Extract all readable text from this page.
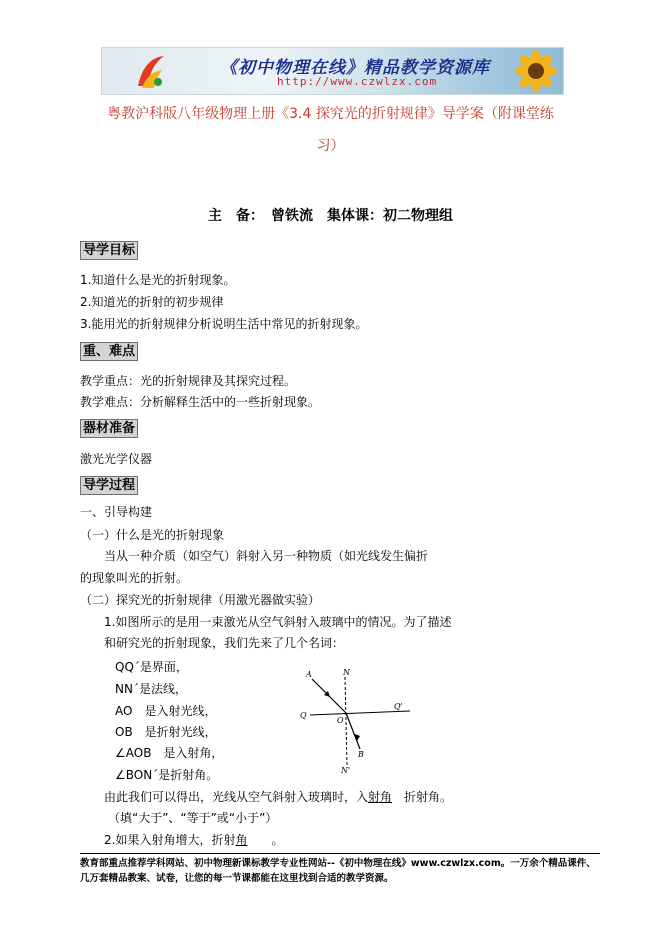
《初中物理在线》精品教学资源库
http://www.czwlzx.com
粤教沪科版八年级物理上册《3.4 探究光的折射规律》导学案（附课堂练
习）
主　备：　曾铁流　集体课：初二物理组
导学目标
1.知道什么是光的折射现象。
2.知道光的折射的初步规律
3.能用光的折射规律分析说明生活中常见的折射现象。
重、难点
教学重点：光的折射规律及其探究过程。
教学难点：分析解释生活中的一些折射现象。
器材准备
激光光学仪器
导学过程
一、引导构建
（一）什么是光的折射现象
当从一种介质（如空气）斜射入另一种物质（如光线发生偏折
的现象叫光的折射。
（二）探究光的折射规律（用激光器做实验）
1.如图所示的是用一束激光从空气斜射入玻璃中的情况。为了描述
和研究光的折射现象，我们先来了几个名词：
QQ´是界面，
NN´是法线，
AO　是入射光线，
OB　是折射光线，
∠AOB　是入射角，
∠BON´是折射角。
A	N
Q
O
Q'
B
N'
由此我们可以得出，光线从空气斜射入玻璃时，入射角 折射角。
（填“大于”、“等于”或“小于”）
2.如果入射角增大，折射角 。
教育部重点推荐学科网站、初中物理新课标教学专业性网站--《初中物理在线》www.czwlzx.com。一万余个精品课件、几万套精品教案、试卷，让您的每一节课都能在这里找到合适的教学资源。
